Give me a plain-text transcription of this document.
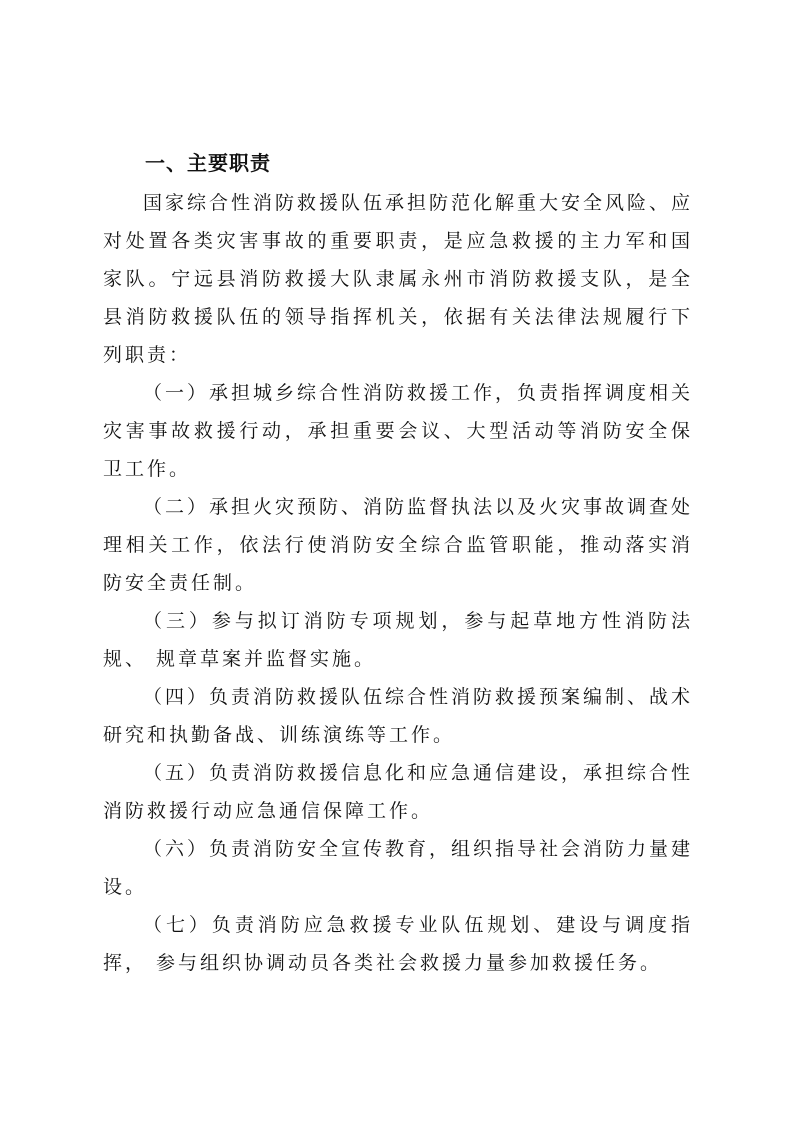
一、主要职责

国家综合性消防救援队伍承担防范化解重大安全风险、应对处置各类灾害事故的重要职责，是应急救援的主力军和国家队。宁远县消防救援大队隶属永州市消防救援支队，是全县消防救援队伍的领导指挥机关，依据有关法律法规履行下列职责：

（一）承担城乡综合性消防救援工作，负责指挥调度相关灾害事故救援行动，承担重要会议、大型活动等消防安全保卫工作。

（二）承担火灾预防、消防监督执法以及火灾事故调查处理相关工作，依法行使消防安全综合监管职能，推动落实消防安全责任制。

（三）参与拟订消防专项规划，参与起草地方性消防法规、 规章草案并监督实施。

（四）负责消防救援队伍综合性消防救援预案编制、战术研究和执勤备战、训练演练等工作。

（五）负责消防救援信息化和应急通信建设，承担综合性消防救援行动应急通信保障工作。

（六）负责消防安全宣传教育，组织指导社会消防力量建设。

（七）负责消防应急救援专业队伍规划、建设与调度指挥， 参与组织协调动员各类社会救援力量参加救援任务。
